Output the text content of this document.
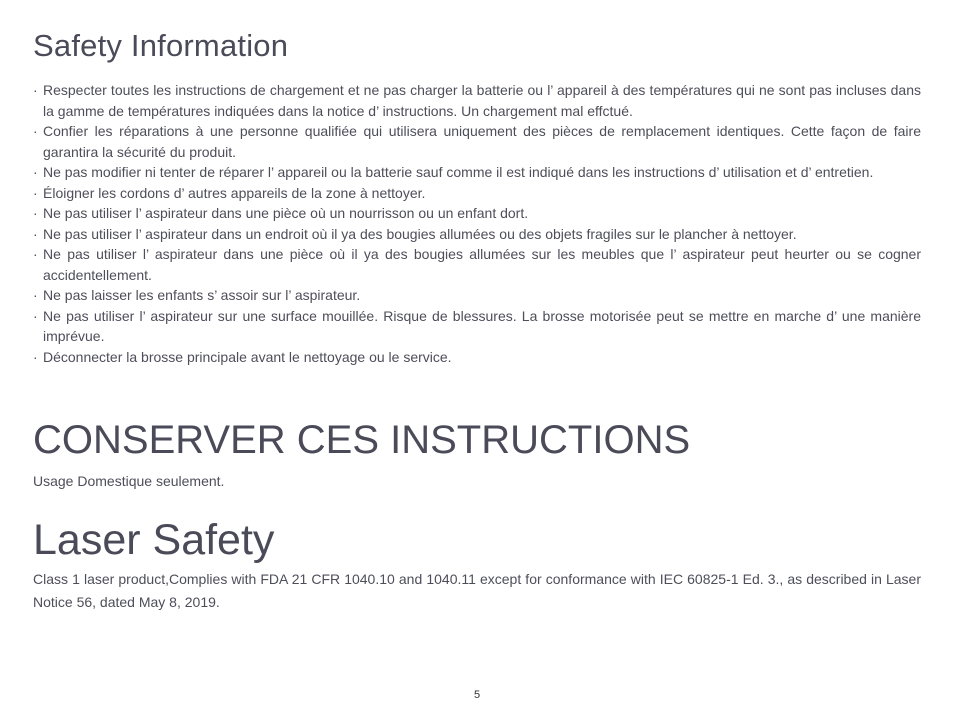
Safety Information
· Respecter toutes les instructions de chargement et ne pas charger la batterie ou l’ appareil à des températures qui ne sont pas incluses dans la gamme de températures indiquées dans la notice d’ instructions. Un chargement mal effctué.
· Confier les réparations à une personne qualifiée qui utilisera uniquement des pièces de remplacement identiques. Cette façon de faire garantira la sécurité du produit.
· Ne pas modifier ni tenter de réparer l’ appareil ou la batterie sauf comme il est indiqué dans les instructions d’ utilisation et d’ entretien.
· Éloigner les cordons d’ autres appareils de la zone à nettoyer.
· Ne pas utiliser l’ aspirateur dans une pièce où un nourrisson ou un enfant dort.
· Ne pas utiliser l’ aspirateur dans un endroit où il ya des bougies allumées ou des objets fragiles sur le plancher à nettoyer.
· Ne pas utiliser l’ aspirateur dans une pièce où il ya des bougies allumées sur les meubles que l’ aspirateur peut heurter ou se cogner accidentellement.
· Ne pas laisser les enfants s’ assoir sur l’ aspirateur.
· Ne pas utiliser l’ aspirateur sur une surface mouillée. Risque de blessures. La brosse motorisée peut se mettre en marche d’ une manière imprévue.
· Déconnecter la brosse principale avant le nettoyage ou le service.
CONSERVER CES INSTRUCTIONS

Usage Domestique seulement.

Laser Safety

Class 1 laser product,Complies with FDA 21 CFR 1040.10 and 1040.11 except for conformance with IEC 60825-1 Ed. 3., as described in Laser Notice 56, dated May 8, 2019.

5
